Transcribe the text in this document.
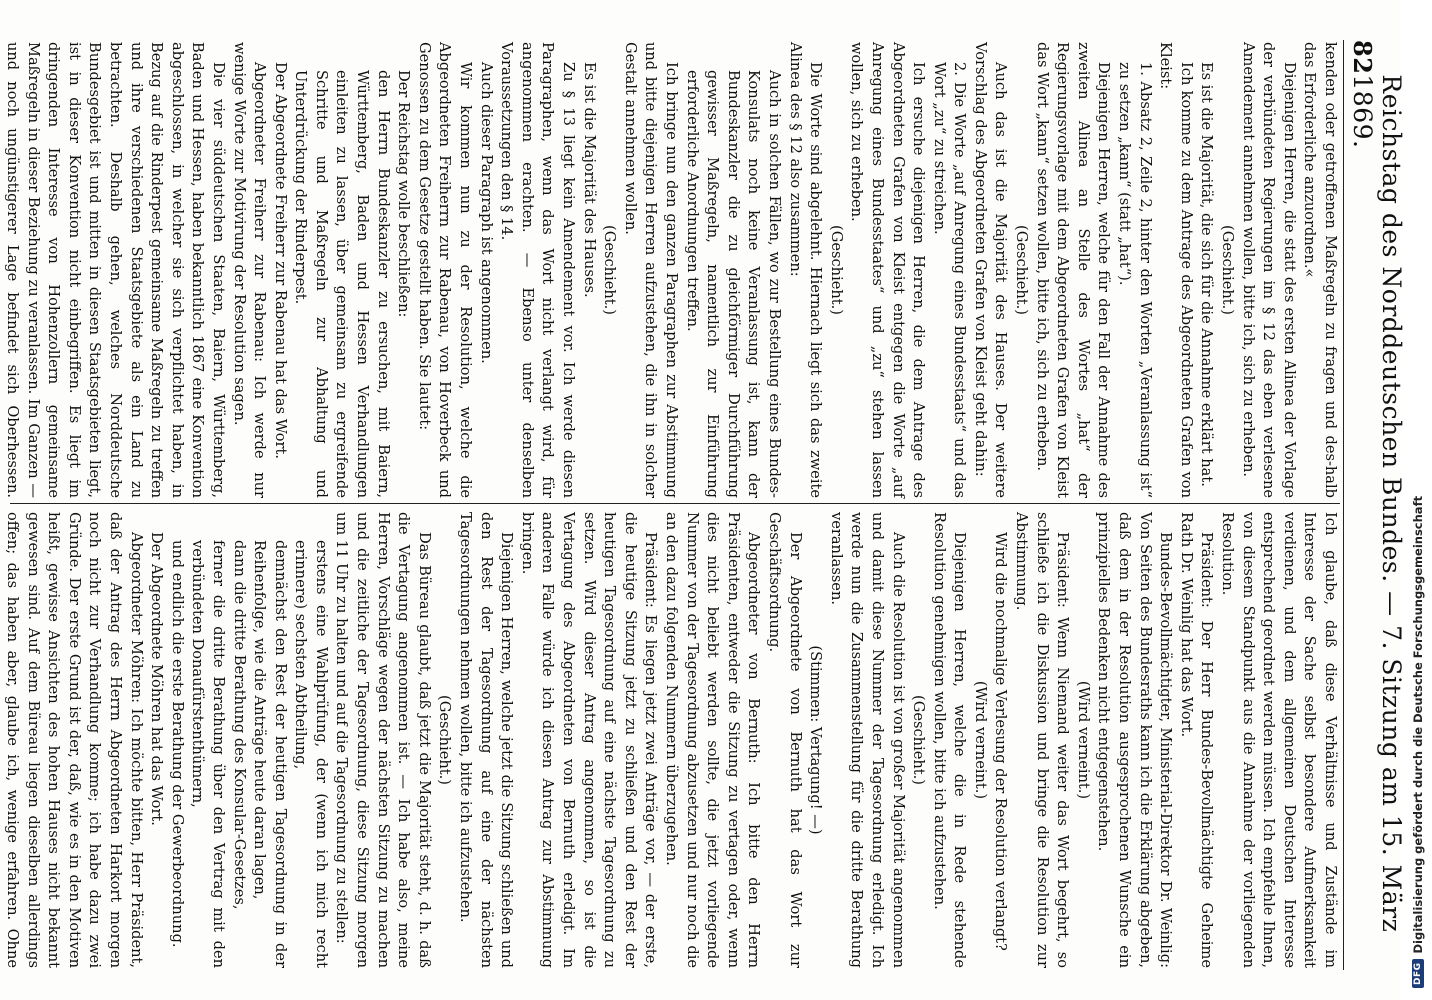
82
Reichstag des Norddeutschen Bundes. — 7. Sitzung am 15. März 1869.

kenden oder getroffenen Maßregeln zu fragen und des-halb das Erforderliche anzuordnen.«

Diejenigen Herren, die statt des ersten Alinea der Vorlage der verbündeten Regierungen im § 12 das eben verlesene Amendement annehmen wollen, bitte ich, sich zu erheben.

(Geschieht.)

Es ist die Majorität, die sich für die Annahme erklärt hat.

Ich komme zu dem Antrage des Abgeordneten Grafen von Kleist:

1. Absatz 2, Zeile 2, hinter den Worten „Veranlassung ist“ zu setzen „kann“ (statt „hat“).

Diejenigen Herren, welche für den Fall der Annahme des zweiten Alinea an Stelle des Wortes „hat“ der Regierungsvorlage mit dem Abgeordneten Grafen von Kleist das Wort „kann“ setzen wollen, bitte ich, sich zu erheben.

(Geschieht.)

Auch das ist die Majorität des Hauses. Der weitere Vorschlag des Abgeordneten Grafen von Kleist geht dahin:

2. Die Worte „auf Anregung eines Bundesstaats“ und das Wort „zu“ zu streichen.

Ich ersuche diejenigen Herren, die dem Antrage des Abgeordneten Grafen von Kleist entgegen die Worte „auf Anregung eines Bundesstaates“ und „zu“ stehen lassen wollen, sich zu erheben.

(Geschieht.)

Die Worte sind abgelehnt. Hiernach liegt sich das zweite Alinea des § 12 also zusammen:

Auch in solchen Fällen, wo zur Bestellung eines Bundes-Konsulats noch keine Veranlassung ist, kann der Bundeskanzler die zu gleichförmiger Durchführung gewisser Maßregeln, namentlich zur Einführung erforderliche Anordnungen treffen.

Ich bringe nun den ganzen Paragraphen zur Abstimmung und bitte diejenigen Herren aufzustehen, die ihn in solcher Gestalt annehmen wollen.

(Geschieht.)

Es ist die Majorität des Hauses.

Zu § 13 liegt kein Amendement vor. Ich werde diesen Paragraphen, wenn das Wort nicht verlangt wird, für angenommen erachten. — Ebenso unter denselben Voraussetzungen den § 14.

Auch dieser Paragraph ist angenommen.

Wir kommen nun zu der Resolution, welche die Abgeordneten Freiherrn zur Rabenau, von Hoverbeck und Genossen zu dem Gesetze gestellt haben. Sie lautet:

Der Reichstag wolle beschließen:

den Herrn Bundeskanzler zu ersuchen, mit Baiern, Württemberg, Baden und Hessen Verhandlungen einleiten zu lassen, über gemeinsam zu ergreifende Schritte und Maßregeln zur Abhaltung und Unterdrückung der Rinderpest.

Der Abgeordnete Freiherr zur Rabenau hat das Wort.

Abgeordneter Freiherr zur Rabenau: Ich werde nur wenige Worte zur Motivirung der Resolution sagen.

Die vier süddeutschen Staaten, Baiern, Württemberg, Baden und Hessen, haben bekanntlich 1867 eine Konvention abgeschlossen, in welcher sie sich verpflichtet haben, in Bezug auf die Rinderpest gemeinsame Maßregeln zu treffen und ihre verschiedenen Staatsgebiete als ein Land zu betrachten. Deshalb gehen, welches Norddeutsche Bundesgebiet ist und mitten in diesen Staatsgebieten liegt, ist in dieser Konvention nicht einbegriffen. Es liegt im dringenden Interesse von Hohenzollern gemeinsame Maßregeln in dieser Beziehung zu veranlassen. Im Ganzen — und noch ungünstigerer Lage befindet sich Oberhessen.

Ich glaube, daß diese Verhältnisse und Zustände im Interesse der Sache selbst besondere Aufmerksamkeit verdienen, und dem allgemeinen Deutschen Interesse entsprechend geordnet werden müssen. Ich empfehle Ihnen, von diesem Standpunkt aus die Annahme der vorliegenden Resolution.

Präsident: Der Herr Bundes-Bevollmächtigte Geheime Rath Dr. Weinlig hat das Wort.

Bundes-Bevollmächtigter, Ministerial-Direktor Dr. Weinlig: Von Seiten des Bundesraths kann ich die Erklärung abgeben, daß dem in der Resolution ausgesprochenen Wunsche ein prinzipielles Bedenken nicht entgegenstehen.

(Wird verneint.)

Präsident: Wenn Niemand weiter das Wort begehrt, so schließe ich die Diskussion und bringe die Resolution zur Abstimmung.

Wird die nochmalige Verlesung der Resolution verlangt?

(Wird verneint.)

Diejenigen Herren, welche die in Rede stehende Resolution genehmigen wollen, bitte ich aufzustehen.

(Geschieht.)

Auch die Resolution ist von großer Majorität angenommen und damit diese Nummer der Tagesordnung erledigt. Ich werde nun die Zusammenstellung für die dritte Berathung veranlassen.

(Stimmen: Vertagung! —)

Der Abgeordnete von Bernuth hat das Wort zur Geschäftsordnung.

Abgeordneter von Bernuth: Ich bitte den Herrn Präsidenten, entweder die Sitzung zu vertagen oder, wenn dies nicht beliebt werden sollte, die jetzt vorliegende Nummer von der Tagesordnung abzusetzen und nur noch die an den dazu folgenden Nummern überzugehen.

Präsident: Es liegen jetzt zwei Anträge vor, — der erste, die heutige Sitzung jetzt zu schließen und den Rest der heutigen Tagesordnung auf eine nächste Tagesordnung zu setzen. Wird dieser Antrag angenommen, so ist die Vertagung des Abgeordneten von Bernuth erledigt. Im anderen Falle würde ich diesen Antrag zur Abstimmung bringen.

Diejenigen Herren, welche jetzt die Sitzung schließen und den Rest der Tagesordnung auf eine der nächsten Tagesordnungen nehmen wollen, bitte ich aufzustehen.

(Geschieht.)

Das Büreau glaubt, daß jetzt die Majorität steht, d. h. daß die Vertagung angenommen ist. — Ich habe also, meine Herren, Vorschläge wegen der nächsten Sitzung zu machen und die zeitliche der Tagesordnung, diese Sitzung morgen um 11 Uhr zu halten und auf die Tagesordnung zu stellen:

erstens eine Wahlprüfung, der (wenn ich mich recht erinnere) sechsten Abtheilung,

demnächst den Rest der heutigen Tagesordnung in der Reihenfolge, wie die Anträge heute daran lagen,

dann die dritte Berathung des Konsular-Gesetzes,

ferner die dritte Berathung über den Vertrag mit den verbündeten Donaufürstenthümern,

und endlich die erste Berathung der Gewerbeordnung.

Der Abgeordnete Möhren hat das Wort.

Abgeordneter Möhren: Ich möchte bitten, Herr Präsident, daß der Antrag des Herrn Abgeordneten Harkort morgen noch nicht zur Verhandlung komme; ich habe dazu zwei Gründe. Der erste Grund ist der, daß, wie es in den Motiven heißt, gewisse Ansichten des hohen Hauses nicht bekannt gewesen sind. Auf dem Büreau liegen dieselben allerdings offen; das haben aber, glaube ich, wenige erfahren. Ohne

DFG
Digitalisierung gefördert durch die Deutsche Forschungsgemeinschaft
